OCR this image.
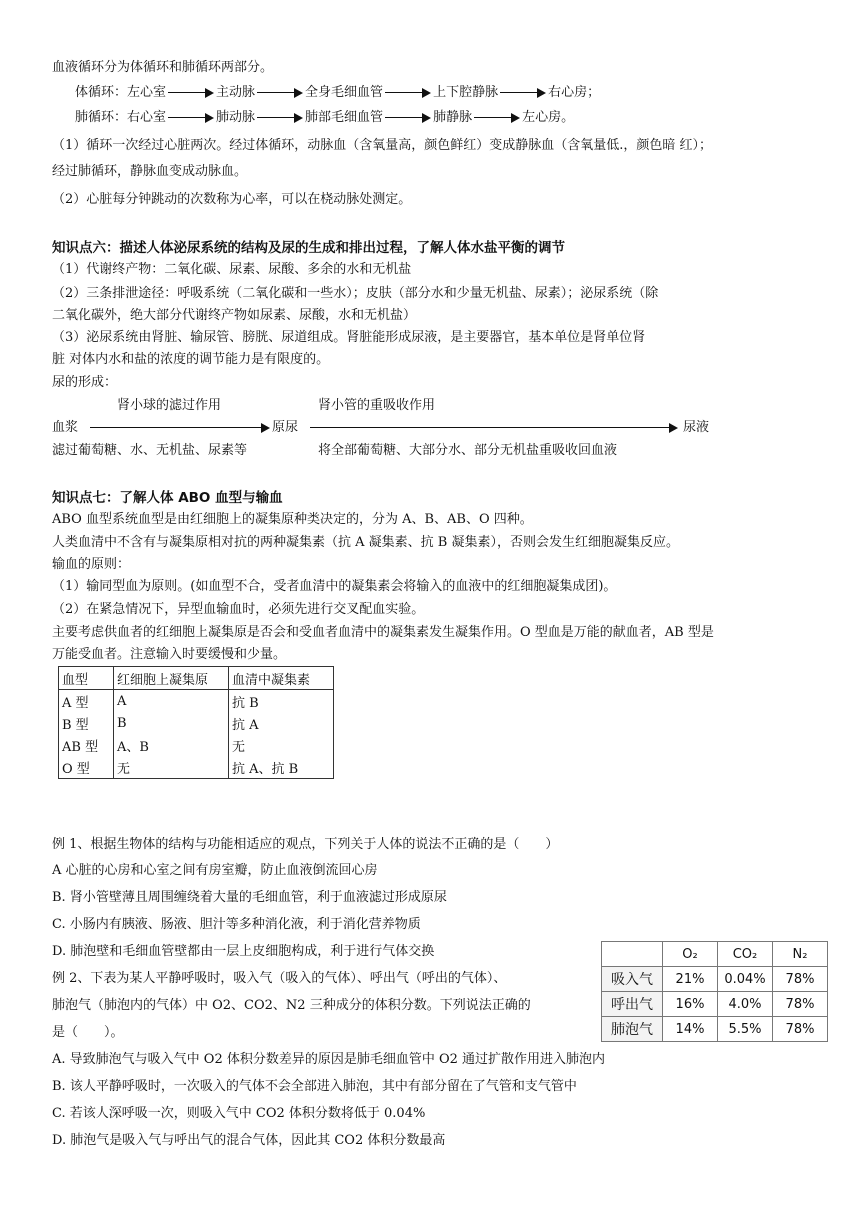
血液循环分为体循环和肺循环两部分。
体循环：左心室	主动脉	全身毛细血管	上下腔静脉	右心房；
肺循环：右心室	肺动脉	肺部毛细血管	肺静脉	左心房。
（1）循环一次经过心脏两次。经过体循环，动脉血（含氧量高，颜色鲜红）变成静脉血（含氧量低.，颜色暗 红）；
经过肺循环，静脉血变成动脉血。
（2）心脏每分钟跳动的次数称为心率，可以在桡动脉处测定。
知识点六：描述人体泌尿系统的结构及尿的生成和排出过程，了解人体水盐平衡的调节
（1）代谢终产物：二氧化碳、尿素、尿酸、多余的水和无机盐
（2）三条排泄途径：呼吸系统（二氧化碳和一些水）；皮肤（部分水和少量无机盐、尿素）；泌尿系统（除
二氧化碳外，绝大部分代谢终产物如尿素、尿酸，水和无机盐）
（3）泌尿系统由肾脏、输尿管、膀胱、尿道组成。肾脏能形成尿液，是主要器官，基本单位是肾单位肾
脏 对体内水和盐的浓度的调节能力是有限度的。
尿的形成：
肾小球的滤过作用	肾小管的重吸收作用
血浆	原尿	尿液
滤过葡萄糖、水、无机盐、尿素等	将全部葡萄糖、大部分水、部分无机盐重吸收回血液
知识点七：了解人体 ABO 血型与输血
ABO 血型系统血型是由红细胞上的凝集原种类决定的，分为 A、B、AB、O 四种。
人类血清中不含有与凝集原相对抗的两种凝集素（抗 A 凝集素、抗 B 凝集素），否则会发生红细胞凝集反应。
输血的原则：
（1）输同型血为原则。(如血型不合，受者血清中的凝集素会将输入的血液中的红细胞凝集成团)。
（2）在紧急情况下，异型血输血时，必须先进行交叉配血实验。
主要考虑供血者的红细胞上凝集原是否会和受血者血清中的凝集素发生凝集作用。O 型血是万能的献血者，AB 型是
万能受血者。注意输入时要缓慢和少量。
血型	红细胞上凝集原	血清中凝集素
A 型	A	抗 B
B 型	B	抗 A
AB 型	A、B	无
O 型	无	抗 A、抗 B
例 1、根据生物体的结构与功能相适应的观点，下列关于人体的说法不正确的是（　　）
A 心脏的心房和心室之间有房室瓣，防止血液倒流回心房
B. 肾小管壁薄且周围缠绕着大量的毛细血管，利于血液滤过形成原尿
C. 小肠内有胰液、肠液、胆汁等多种消化液，利于消化营养物质
D. 肺泡壁和毛细血管壁都由一层上皮细胞构成，利于进行气体交换
例 2、下表为某人平静呼吸时，吸入气（吸入的气体）、呼出气（呼出的气体）、
肺泡气（肺泡内的气体）中 O2、CO2、N2 三种成分的体积分数。下列说法正确的
是（　　）。
A. 导致肺泡气与吸入气中 O2 体积分数差异的原因是肺毛细血管中 O2 通过扩散作用进入肺泡内
B. 该人平静呼吸时，一次吸入的气体不会全部进入肺泡，其中有部分留在了气管和支气管中
C. 若该人深呼吸一次，则吸入气中 CO2 体积分数将低于 0.04%
D. 肺泡气是吸入气与呼出气的混合气体，因此其 CO2 体积分数最高
	O₂	CO₂	N₂
吸入气	21%	0.04%	78%
呼出气	16%	4.0%	78%
肺泡气	14%	5.5%	78%
